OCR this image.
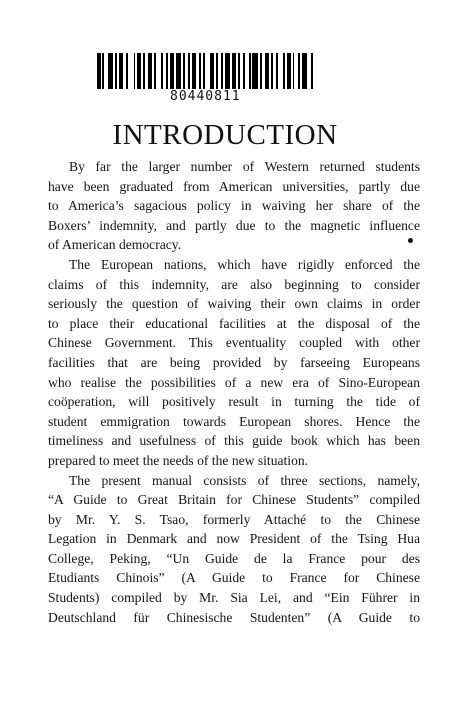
80440811
INTRODUCTION
By far the larger number of Western returned students
have been graduated from American universities, partly due
to America’s sagacious policy in waiving her share of the
Boxers’ indemnity, and partly due to the magnetic influence
of American democracy.
The European nations, which have rigidly enforced the
claims of this indemnity, are also beginning to consider
seriously the question of waiving their own claims in order
to place their educational facilities at the disposal of the
Chinese Government. This eventuality coupled with other
facilities that are being provided by farseeing Europeans
who realise the possibilities of a new era of Sino-European
coöperation, will positively result in turning the tide of
student emmigration towards European shores. Hence the
timeliness and usefulness of this guide book which has been
prepared to meet the needs of the new situation.
The present manual consists of three sections, namely,
“A Guide to Great Britain for Chinese Students” compiled
by Mr. Y. S. Tsao, formerly Attaché to the Chinese
Legation in Denmark and now President of the Tsing Hua
College, Peking, “Un Guide de la France pour des
Etudiants Chinois” (A Guide to France for Chinese
Students) compiled by Mr. Sia Lei, and “Ein Führer in
Deutschland für Chinesische Studenten” (A Guide to
